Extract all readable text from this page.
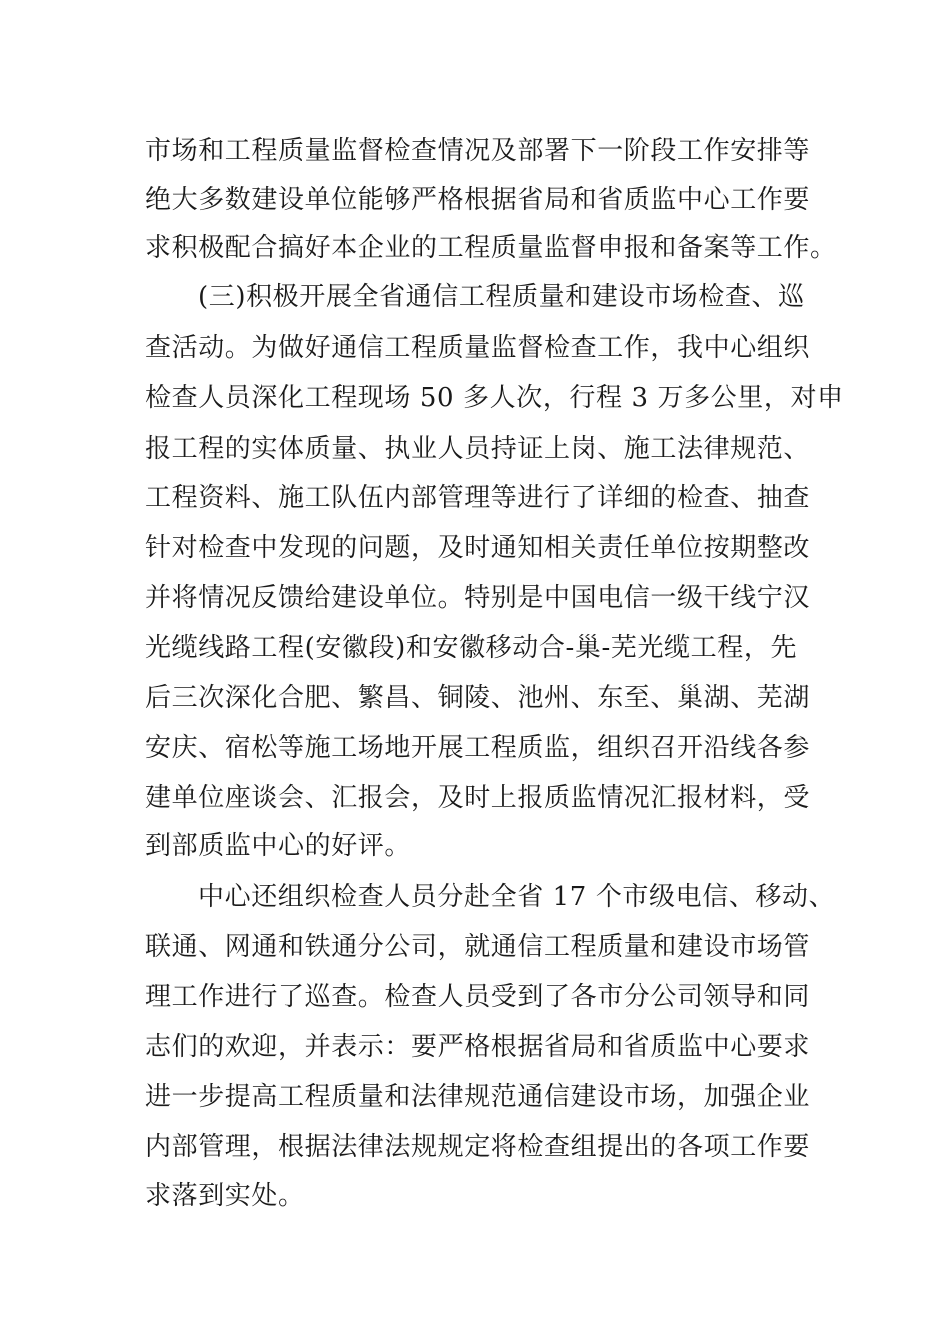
市场和工程质量监督检查情况及部署下一阶段工作安排等
绝大多数建设单位能够严格根据省局和省质监中心工作要
求积极配合搞好本企业的工程质量监督申报和备案等工作。
(三)积极开展全省通信工程质量和建设市场检查、巡
查活动。为做好通信工程质量监督检查工作，我中心组织
检查人员深化工程现场 50 多人次，行程 3 万多公里，对申
报工程的实体质量、执业人员持证上岗、施工法律规范、
工程资料、施工队伍内部管理等进行了详细的检查、抽查
针对检查中发现的问题，及时通知相关责任单位按期整改
并将情况反馈给建设单位。特别是中国电信一级干线宁汉
光缆线路工程(安徽段)和安徽移动合-巢-芜光缆工程，先
后三次深化合肥、繁昌、铜陵、池州、东至、巢湖、芜湖
安庆、宿松等施工场地开展工程质监，组织召开沿线各参
建单位座谈会、汇报会，及时上报质监情况汇报材料，受
到部质监中心的好评。
中心还组织检查人员分赴全省 17 个市级电信、移动、
联通、网通和铁通分公司，就通信工程质量和建设市场管
理工作进行了巡查。检查人员受到了各市分公司领导和同
志们的欢迎，并表示：要严格根据省局和省质监中心要求
进一步提高工程质量和法律规范通信建设市场，加强企业
内部管理，根据法律法规规定将检查组提出的各项工作要
求落到实处。
